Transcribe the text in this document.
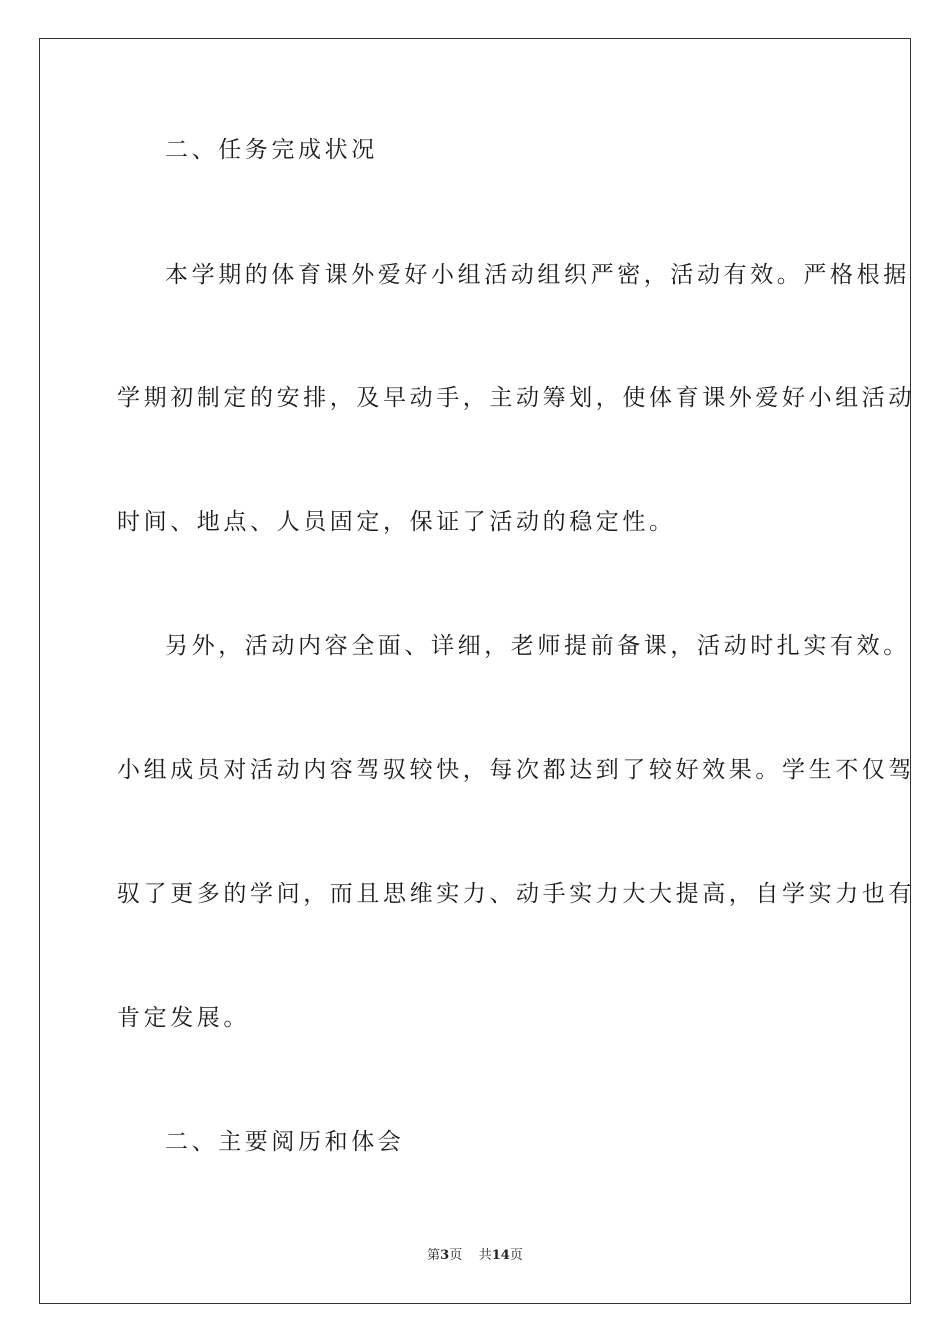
二、任务完成状况
本学期的体育课外爱好小组活动组织严密，活动有效。严格根据
学期初制定的安排，及早动手，主动筹划，使体育课外爱好小组活动
时间、地点、人员固定，保证了活动的稳定性。
另外，活动内容全面、详细，老师提前备课，活动时扎实有效。
小组成员对活动内容驾驭较快，每次都达到了较好效果。学生不仅驾
驭了更多的学问，而且思维实力、动手实力大大提高，自学实力也有
肯定发展。
二、主要阅历和体会
第3页 共14页
